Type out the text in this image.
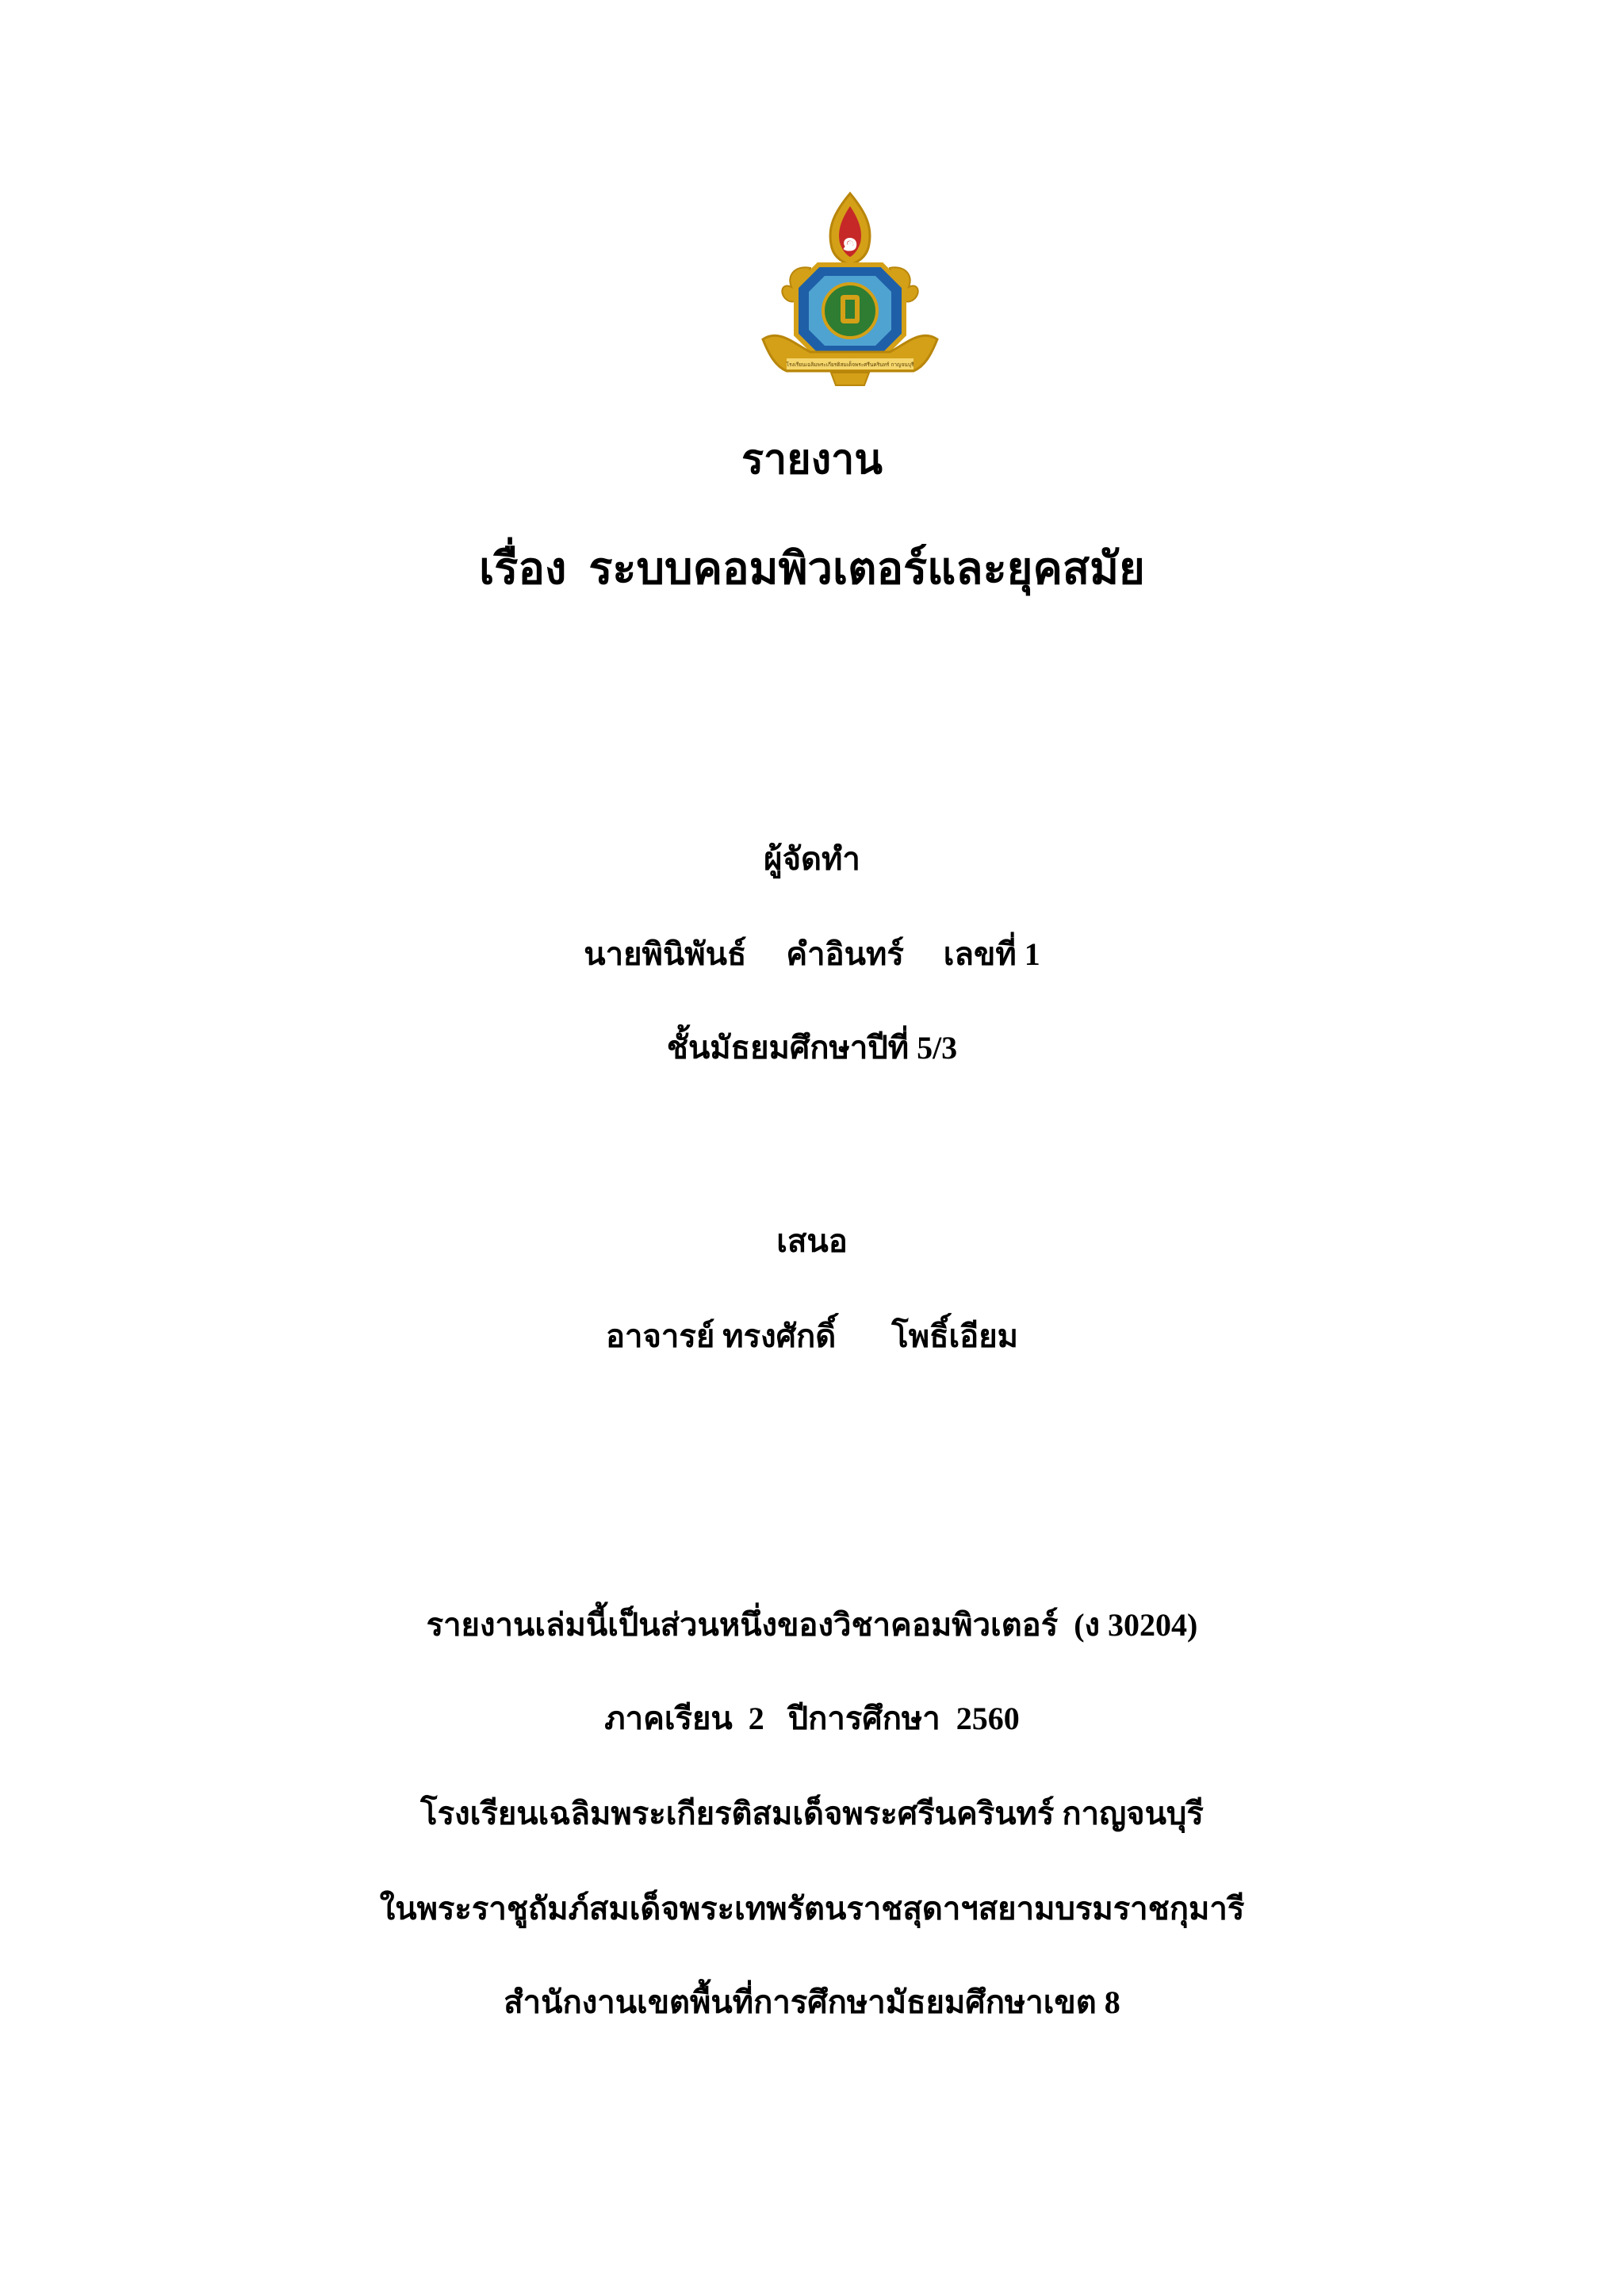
๑
โรงเรียนเฉลิมพระเกียรติสมเด็จพระศรีนครินทร์ กาญจนบุรี
รายงาน
เรื่อง  ระบบคอมพิวเตอร์และยุคสมัย
ผู้จัดทำ
นายพินิพันธ์     คำอินทร์     เลขที่ 1
ชั้นมัธยมศึกษาปีที่ 5/3
เสนอ
อาจารย์ ทรงศักดิ์       โพธิ์เอียม
รายงานเล่มนี้เป็นส่วนหนึ่งของวิชาคอมพิวเตอร์  (ง 30204)
ภาคเรียน  2   ปีการศึกษา  2560
โรงเรียนเฉลิมพระเกียรติสมเด็จพระศรีนครินทร์ กาญจนบุรี
ในพระราชูถัมภ์สมเด็จพระเทพรัตนราชสุดาฯสยามบรมราชกุมารี
สำนักงานเขตพื้นที่การศึกษามัธยมศึกษาเขต 8
